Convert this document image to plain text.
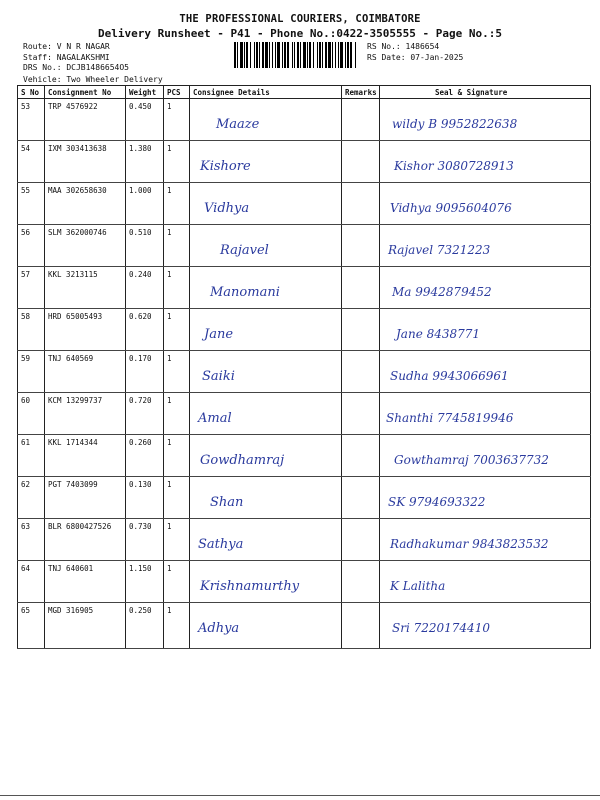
THE PROFESSIONAL COURIERS, COIMBATORE
Delivery Runsheet - P41 - Phone No.:0422-3505555 - Page No.:5
Route: V N R NAGAR
Staff: NAGALAKSHMI
DRS No.: DCJB1486654O5
RS No.: 1486654
RS Date: 07-Jan-2025
Vehicle: Two Wheeler Delivery
S No	Consignment No	Weight	PCS	Consignee Details	Remarks	Seal & Signature
53	TRP 4576922	0.450	1	Maaze		wildy B 9952822638

54	IXM 303413638	1.380	1	Kishore		Kishor 3080728913

55	MAA 302658630	1.000	1	Vidhya		Vidhya 9095604076

56	SLM 362000746	0.510	1	Rajavel		Rajavel 7321223

57	KKL 3213115	0.240	1	Manomani		Ma 9942879452

58	HRD 65005493	0.620	1	Jane		Jane 8438771

59	TNJ 640569	0.170	1	Saiki		Sudha 9943066961

60	KCM 13299737	0.720	1	Amal		Shanthi 7745819946

61	KKL 1714344	0.260	1	Gowdhamraj		Gowthamraj 7003637732

62	PGT 7403099	0.130	1	Shan		SK 9794693322

63	BLR 6800427526	0.730	1	Sathya		Radhakumar 9843823532

64	TNJ 640601	1.150	1	Krishnamurthy		K Lalitha

65	MGD 316905	0.250	1	Adhya		Sri 7220174410
